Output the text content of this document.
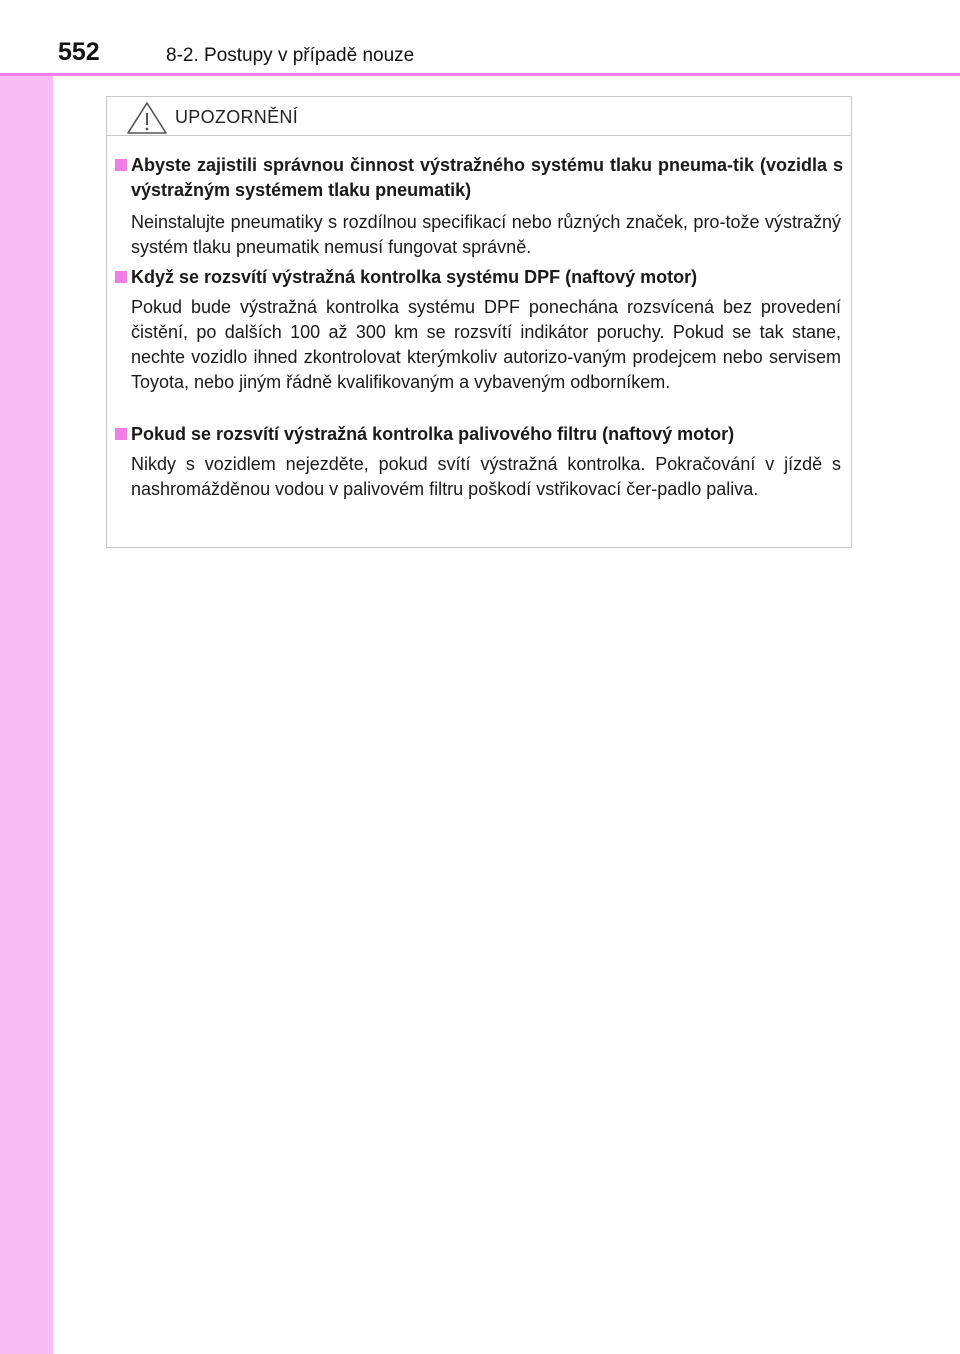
552	8-2. Postupy v případě nouze
UPOZORNĚNÍ
Abyste zajistili správnou činnost výstražného systému tlaku pneuma-tik (vozidla s výstražným systémem tlaku pneumatik)
Neinstalujte pneumatiky s rozdílnou specifikací nebo různých značek, pro-tože výstražný systém tlaku pneumatik nemusí fungovat správně.
Když se rozsvítí výstražná kontrolka systému DPF (naftový motor)
Pokud bude výstražná kontrolka systému DPF ponechána rozsvícená bez provedení čistění, po dalších 100 až 300 km se rozsvítí indikátor poruchy. Pokud se tak stane, nechte vozidlo ihned zkontrolovat kterýmkoliv autorizo-vaným prodejcem nebo servisem Toyota, nebo jiným řádně kvalifikovaným a vybaveným odborníkem.
Pokud se rozsvítí výstražná kontrolka palivového filtru (naftový motor)
Nikdy s vozidlem nejezděte, pokud svítí výstražná kontrolka. Pokračování v jízdě s nashromážděnou vodou v palivovém filtru poškodí vstřikovací čer-padlo paliva.
